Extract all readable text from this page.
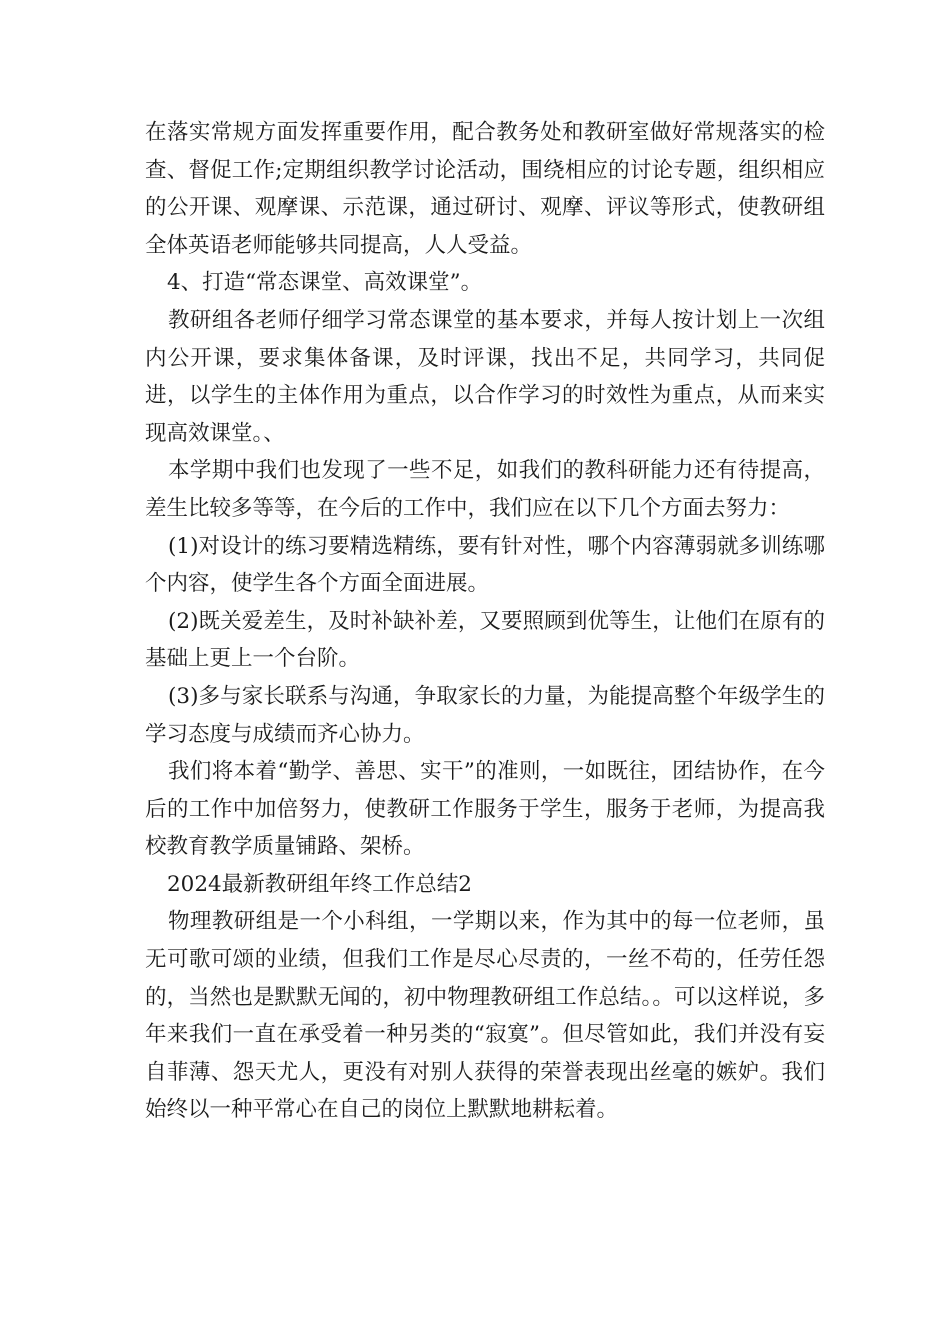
在落实常规方面发挥重要作用，配合教务处和教研室做好常规落实的检查、督促工作;定期组织教学讨论活动，围绕相应的讨论专题，组织相应的公开课、观摩课、示范课，通过研讨、观摩、评议等形式，使教研组全体英语老师能够共同提高，人人受益。

4、打造“常态课堂、高效课堂”。

教研组各老师仔细学习常态课堂的基本要求，并每人按计划上一次组内公开课，要求集体备课，及时评课，找出不足，共同学习，共同促进，以学生的主体作用为重点，以合作学习的时效性为重点，从而来实现高效课堂。、

本学期中我们也发现了一些不足，如我们的教科研能力还有待提高，差生比较多等等，在今后的工作中，我们应在以下几个方面去努力：

(1)对设计的练习要精选精练，要有针对性，哪个内容薄弱就多训练哪个内容，使学生各个方面全面进展。

(2)既关爱差生，及时补缺补差，又要照顾到优等生，让他们在原有的基础上更上一个台阶。

(3)多与家长联系与沟通，争取家长的力量，为能提高整个年级学生的学习态度与成绩而齐心协力。

我们将本着“勤学、善思、实干”的准则，一如既往，团结协作，在今后的工作中加倍努力，使教研工作服务于学生，服务于老师，为提高我校教育教学质量铺路、架桥。

2024最新教研组年终工作总结2

物理教研组是一个小科组，一学期以来，作为其中的每一位老师，虽无可歌可颂的业绩，但我们工作是尽心尽责的，一丝不苟的，任劳任怨的，当然也是默默无闻的，初中物理教研组工作总结。。可以这样说，多年来我们一直在承受着一种另类的“寂寞”。但尽管如此，我们并没有妄自菲薄、怨天尤人，更没有对别人获得的荣誉表现出丝毫的嫉妒。我们始终以一种平常心在自己的岗位上默默地耕耘着。
